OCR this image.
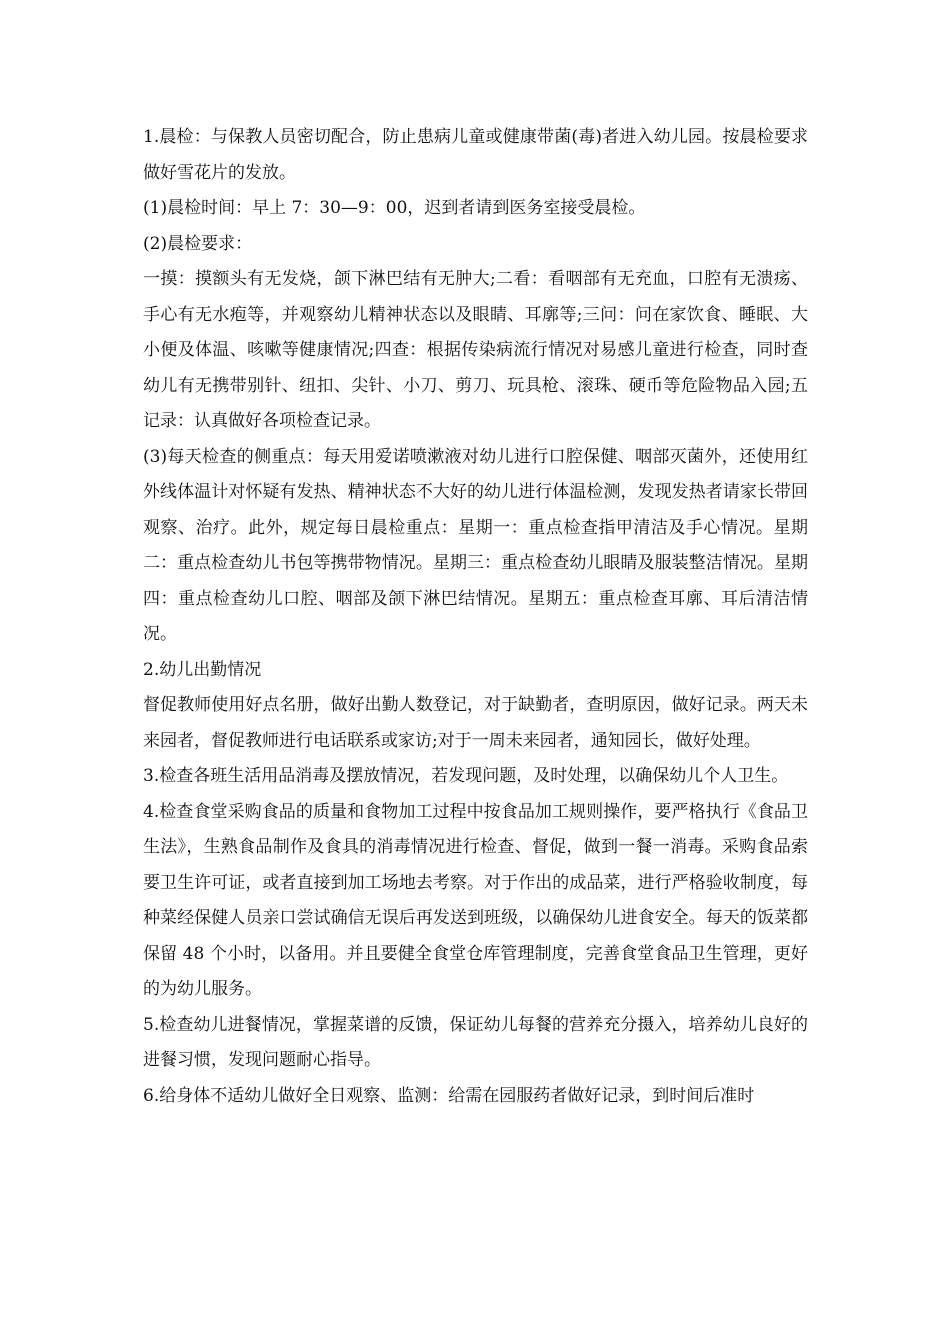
1.晨检：与保教人员密切配合，防止患病儿童或健康带菌(毒)者进入幼儿园。按晨检要求做好雪花片的发放。

(1)晨检时间：早上 7：30—9：00，迟到者请到医务室接受晨检。

(2)晨检要求：

一摸：摸额头有无发烧，颌下淋巴结有无肿大;二看：看咽部有无充血，口腔有无溃疡、手心有无水疱等，并观察幼儿精神状态以及眼睛、耳廓等;三问：问在家饮食、睡眠、大小便及体温、咳嗽等健康情况;四查：根据传染病流行情况对易感儿童进行检查，同时查幼儿有无携带别针、纽扣、尖针、小刀、剪刀、玩具枪、滚珠、硬币等危险物品入园;五记录：认真做好各项检查记录。

(3)每天检查的侧重点：每天用爱诺喷漱液对幼儿进行口腔保健、咽部灭菌外，还使用红外线体温计对怀疑有发热、精神状态不大好的幼儿进行体温检测，发现发热者请家长带回观察、治疗。此外，规定每日晨检重点：星期一：重点检查指甲清洁及手心情况。星期二：重点检查幼儿书包等携带物情况。星期三：重点检查幼儿眼睛及服装整洁情况。星期四：重点检查幼儿口腔、咽部及颌下淋巴结情况。星期五：重点检查耳廓、耳后清洁情况。

2.幼儿出勤情况

督促教师使用好点名册，做好出勤人数登记，对于缺勤者，查明原因，做好记录。两天未来园者，督促教师进行电话联系或家访;对于一周未来园者，通知园长，做好处理。

3.检查各班生活用品消毒及摆放情况，若发现问题，及时处理，以确保幼儿个人卫生。

4.检查食堂采购食品的质量和食物加工过程中按食品加工规则操作，要严格执行《食品卫生法》，生熟食品制作及食具的消毒情况进行检查、督促，做到一餐一消毒。采购食品索要卫生许可证，或者直接到加工场地去考察。对于作出的成品菜，进行严格验收制度，每种菜经保健人员亲口尝试确信无误后再发送到班级，以确保幼儿进食安全。每天的饭菜都保留 48 个小时，以备用。并且要健全食堂仓库管理制度，完善食堂食品卫生管理，更好的为幼儿服务。

5.检查幼儿进餐情况，掌握菜谱的反馈，保证幼儿每餐的营养充分摄入，培养幼儿良好的进餐习惯，发现问题耐心指导。

6.给身体不适幼儿做好全日观察、监测：给需在园服药者做好记录，到时间后准时
